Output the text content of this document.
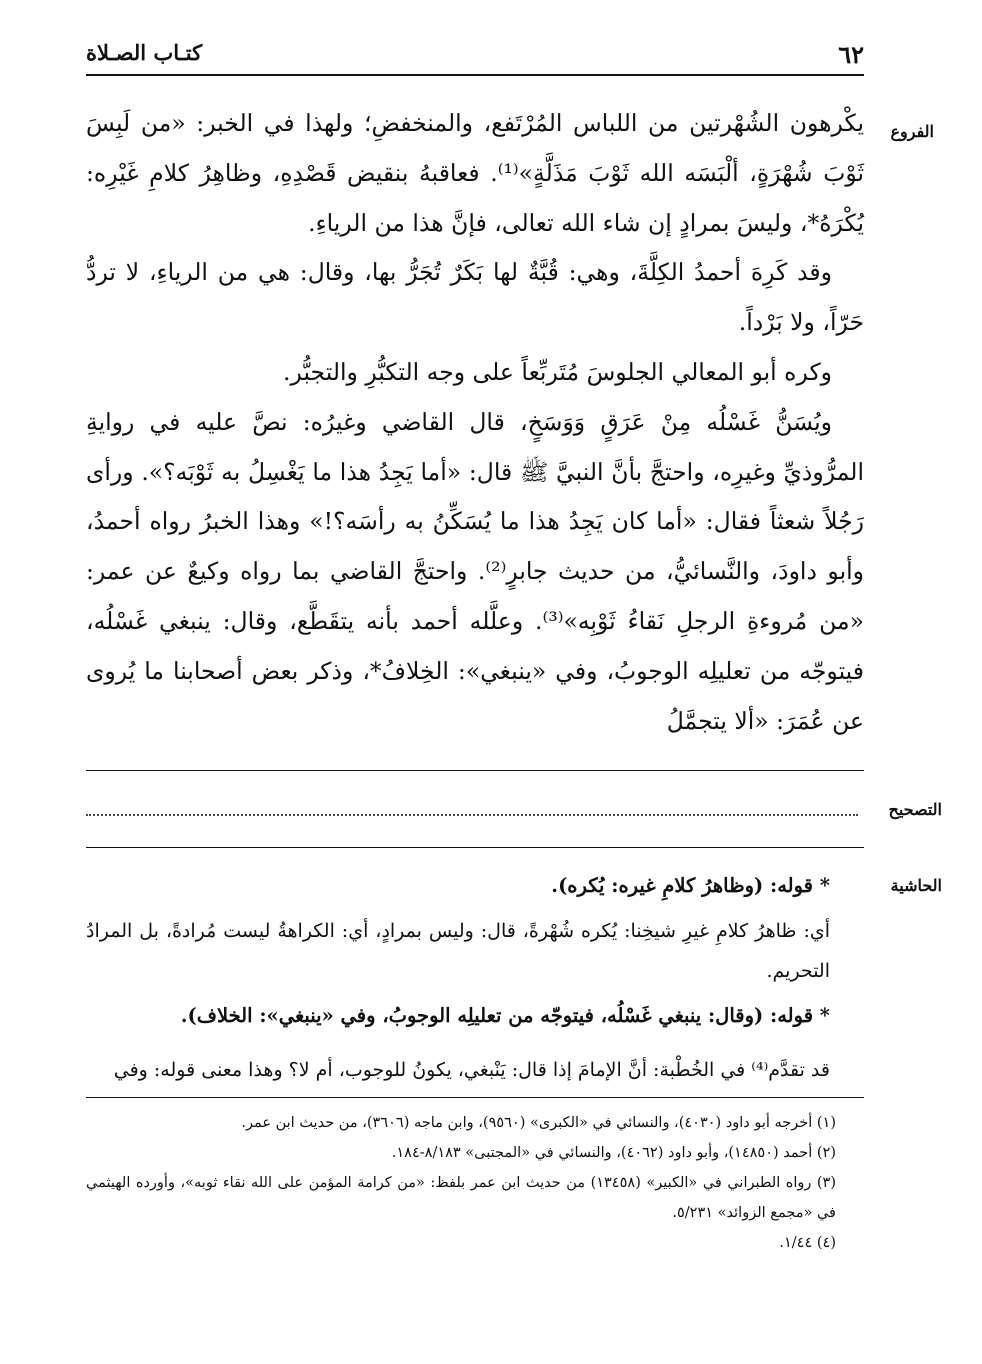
٦٢
كتـاب الصـلاة
الفروع

يكْرهون الشُهْرتين من اللباس المُرْتَفع، والمنخفضِ؛ ولهذا في الخبر: «من لَبِسَ ثَوْبَ شُهْرَةٍ، ألْبَسَه الله ثَوْبَ مَذَلَّةٍ»⁽¹⁾. فعاقبهُ بنقيض قَصْدِهِ، وظاهِرُ كلامِ غَيْرِه: يُكْرَهُ*، وليسَ بمرادٍ إن شاء الله تعالى، فإنَّ هذا من الرياءِ.

وقد كَرِهَ أحمدُ الكِلَّةَ، وهي: قُبَّةٌ لها بَكَرٌ تُجَرُّ بها، وقال: هي من الرياءِ، لا تردُّ حَرّاً، ولا بَرْداً.

وكره أبو المعالي الجلوسَ مُتَربِّعاً على وجه التكبُّرِ والتجبُّر.

ويُسَنُّ غَسْلُه مِنْ عَرَقٍ وَوَسَخٍ، قال القاضي وغيرُه: نصَّ عليه في روايةِ المرُّوذيِّ وغيرِه، واحتجَّ بأنَّ النبيَّ ﷺ قال: «أما يَجِدُ هذا ما يَغْسِلُ به ثَوْبَه؟». ورأى رَجُلاً شعثاً فقال: «أما كان يَجِدُ هذا ما يُسَكِّنُ به رأسَه؟!» وهذا الخبرُ رواه أحمدُ، وأبو داودَ، والنَّسائيُّ، من حديث جابرٍ⁽²⁾. واحتجَّ القاضي بما رواه وكيعٌ عن عمر: «من مُروءةِ الرجلِ نَقاءُ ثَوْبِه»⁽³⁾. وعلَّله أحمد بأنه يتقَطَّع، وقال: ينبغي غَسْلُه، فيتوجّه من تعليلِه الوجوبُ، وفي «ينبغي»: الخِلافُ*، وذكر بعض أصحابنا ما يُروى عن عُمَرَ: «ألا يتجمَّلُ

التصحيح
الحاشية
* قوله: (وظاهرُ كلامِ غيره: يُكره).
أي: ظاهرُ كلامِ غيرِ شيخِنا: يُكره شُهْرةً، قال: وليس بمرادٍ، أي: الكراهةُ ليست مُرادةً، بل المرادُ التحريم.
* قوله: (وقال: ينبغي غَسْلُه، فيتوجّه من تعليلِه الوجوبُ، وفي «ينبغي»: الخلاف).
قد تقدَّم⁽⁴⁾ في الخُطْبة: أنَّ الإمامَ إذا قال: يَنْبغي، يكونُ للوجوب، أم لا؟ وهذا معنى قوله: وفي

(١) أخرجه أبو داود (٤٠٣٠)، والنسائي في «الكبرى» (٩٥٦٠)، وابن ماجه (٣٦٠٦)، من حديث ابن عمر.

(٢) أحمد (١٤٨٥٠)، وأبو داود (٤٠٦٢)، والنسائي في «المجتبى» ٨/١٨٣-١٨٤.

(٣) رواه الطبراني في «الكبير» (١٣٤٥٨) من حديث ابن عمر بلفظ: «من كرامة المؤمن على الله نقاء ثوبه»، وأورده الهيثمي في «مجمع الزوائد» ٥/٢٣١.

(٤) ١/٤٤.
